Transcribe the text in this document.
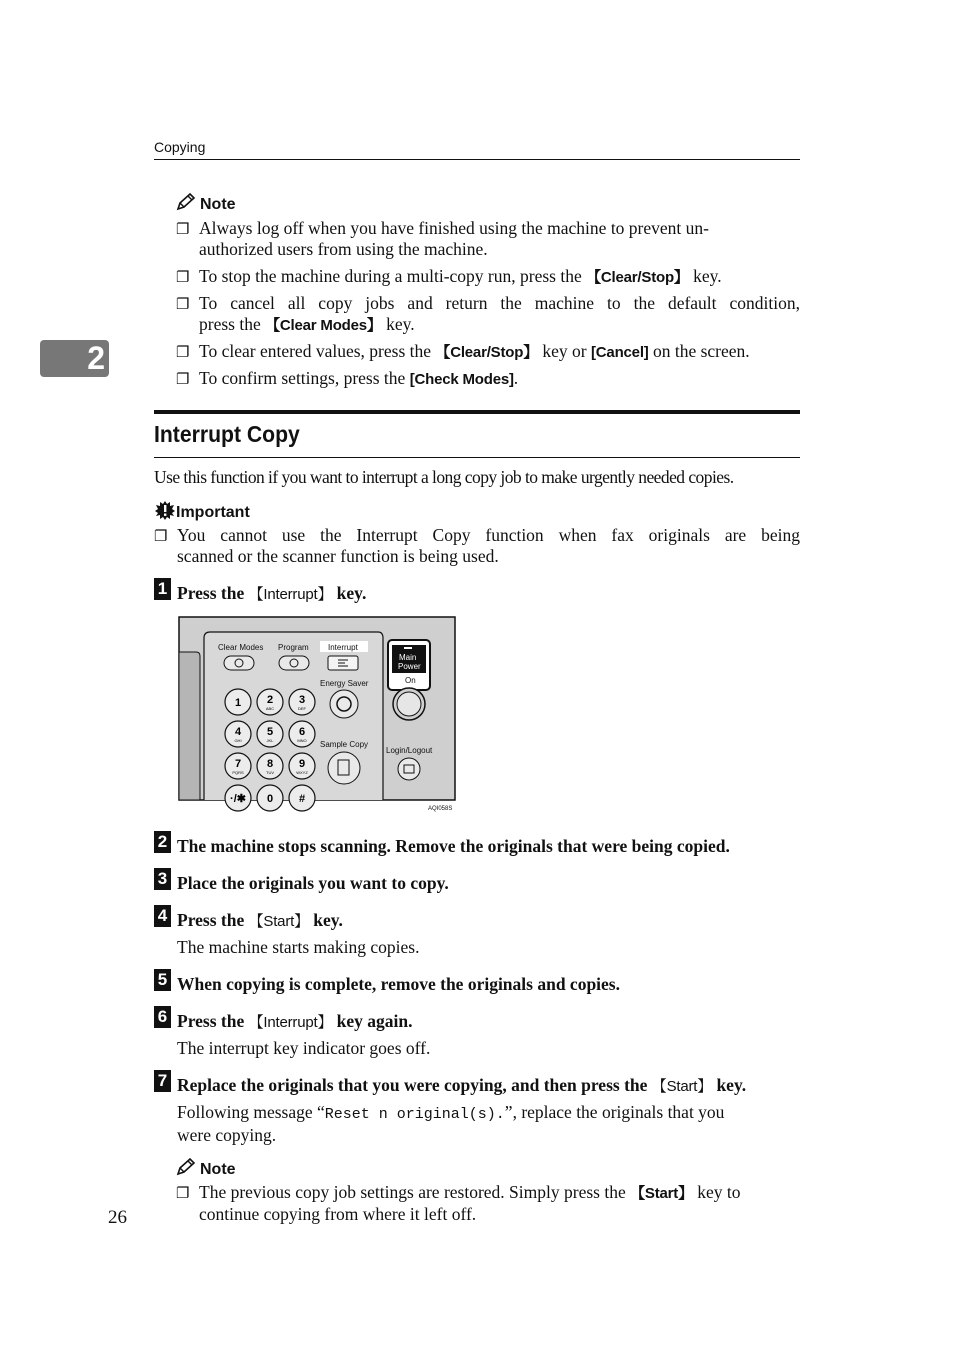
Copying
2
Note
❐ Always log off when you have finished using the machine to prevent un-
authorized users from using the machine.
❐ To stop the machine during a multi-copy run, press the 【Clear/Stop】 key.
❐ To cancel all copy jobs and return the machine to the default condition,
press the 【Clear Modes】 key.
❐ To clear entered values, press the 【Clear/Stop】 key or [Cancel] on the screen.
❐ To confirm settings, press the [Check Modes].
Interrupt Copy
Use this function if you want to interrupt a long copy job to make urgently needed copies.
Important
❐ You cannot use the Interrupt Copy function when fax originals are being
scanned or the scanner function is being used.
1 Press the 【Interrupt】 key.
Clear Modes Program Interrupt
Energy Saver
Sample Copy
1 2
ABC
3
DEF
4
GHI
5
JKL
6
MNO
7
PQRS
8
TUV
9
WXYZ
·/✱ 0 #
Main
Power
On
Login/Logout
AQI058S
2 The machine stops scanning. Remove the originals that were being copied.
3 Place the originals you want to copy.
4 Press the 【Start】 key.
The machine starts making copies.
5 When copying is complete, remove the originals and copies.
6 Press the 【Interrupt】 key again.
The interrupt key indicator goes off.
7 Replace the originals that you were copying, and then press the 【Start】 key.
Following message “Reset n original(s).”, replace the originals that you
were copying.
Note
❐ The previous copy job settings are restored. Simply press the 【Start】 key to
continue copying from where it left off.
26
